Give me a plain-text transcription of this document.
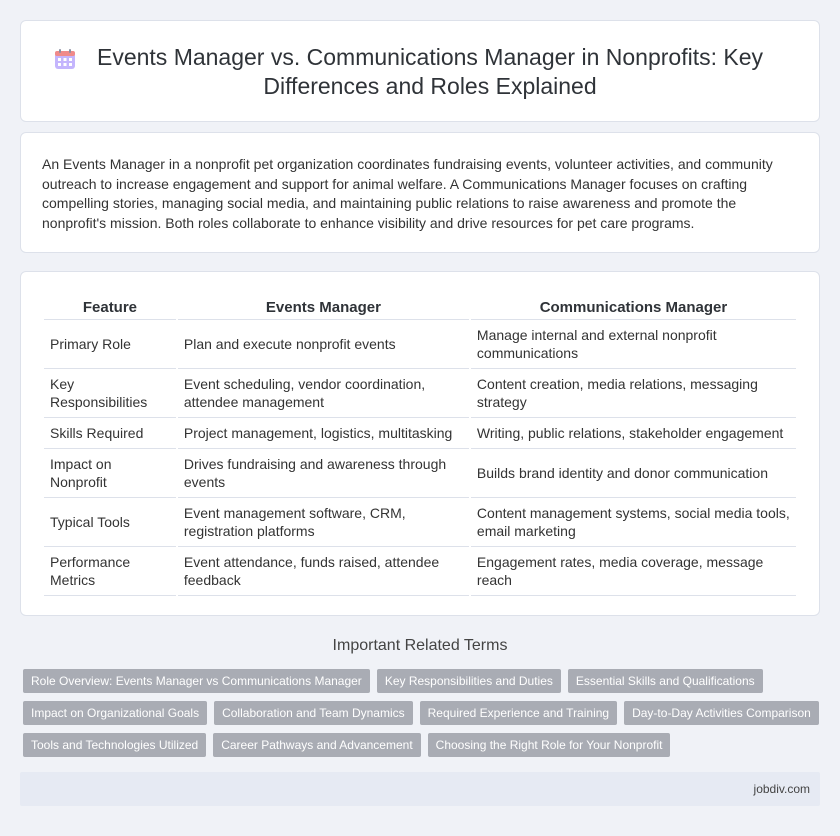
Events Manager vs. Communications Manager in Nonprofits: Key Differences and Roles Explained

An Events Manager in a nonprofit pet organization coordinates fundraising events, volunteer activities, and community outreach to increase engagement and support for animal welfare. A Communications Manager focuses on crafting compelling stories, managing social media, and maintaining public relations to raise awareness and promote the nonprofit's mission. Both roles collaborate to enhance visibility and drive resources for pet care programs.

Feature	Events Manager	Communications Manager
Primary Role	Plan and execute nonprofit events	Manage internal and external nonprofit communications
Key Responsibilities	Event scheduling, vendor coordination, attendee management	Content creation, media relations, messaging strategy
Skills Required	Project management, logistics, multitasking	Writing, public relations, stakeholder engagement
Impact on Nonprofit	Drives fundraising and awareness through events	Builds brand identity and donor communication
Typical Tools	Event management software, CRM, registration platforms	Content management systems, social media tools, email marketing
Performance Metrics	Event attendance, funds raised, attendee feedback	Engagement rates, media coverage, message reach
Important Related Terms
Role Overview: Events Manager vs Communications Manager	Key Responsibilities and Duties	Essential Skills and Qualifications
Impact on Organizational Goals	Collaboration and Team Dynamics	Required Experience and Training	Day-to-Day Activities Comparison
Tools and Technologies Utilized	Career Pathways and Advancement	Choosing the Right Role for Your Nonprofit
jobdiv.com
